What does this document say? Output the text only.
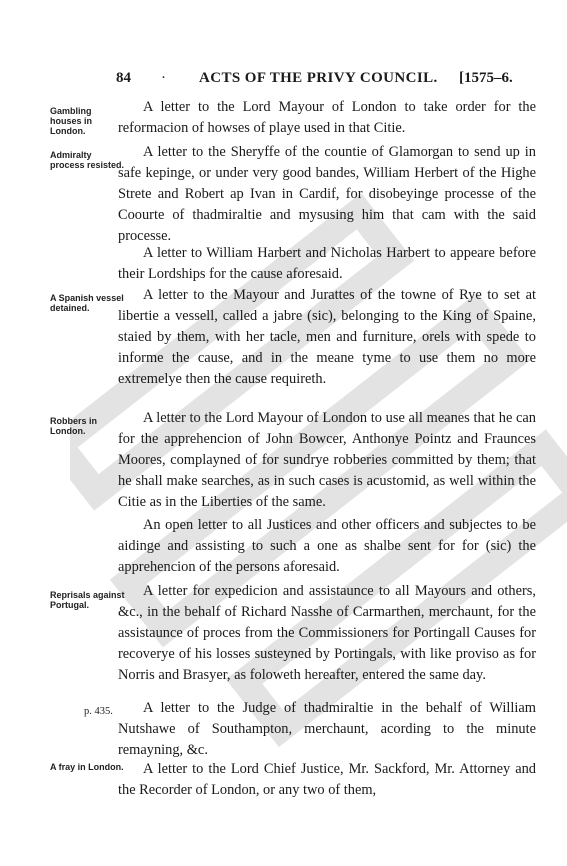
84 · ACTS OF THE PRIVY COUNCIL. [1575–6.
Gambling houses in London.
Admiralty process resisted.
A Spanish vessel detained.
Robbers in London.
Reprisals against Portugal.
A fray in London.
p. 435.

A letter to the Lord Mayour of London to take order for the reformacion of howses of playe used in that Citie.

A letter to the Sheryffe of the countie of Glamorgan to send up in safe kepinge, or under very good bandes, William Herbert of the Highe Strete and Robert ap Ivan in Cardif, for disobeyinge processe of the Coourte of thadmiraltie and mysusing him that cam with the said processe.

A letter to William Harbert and Nicholas Harbert to appeare before their Lordships for the cause aforesaid.

A letter to the Mayour and Jurattes of the towne of Rye to set at libertie a vessell, called a jabre (sic), belonging to the King of Spaine, staied by them, with her tacle, men and furniture, orels with spede to informe the cause, and in the meane tyme to use them no more extremelye then the cause requireth.

A letter to the Lord Mayour of London to use all meanes that he can for the apprehencion of John Bowcer, Anthonye Pointz and Fraunces Moores, complayned of for sundrye robberies committed by them; that he shall make searches, as in such cases is acustomid, as well within the Citie as in the Liberties of the same.

An open letter to all Justices and other officers and subjectes to be aidinge and assisting to such a one as shalbe sent for for (sic) the apprehencion of the persons aforesaid.

A letter for expedicion and assistaunce to all Mayours and others, &c., in the behalf of Richard Nasshe of Carmarthen, merchaunt, for the assistaunce of proces from the Commissioners for Portingall Causes for recoverye of his losses susteyned by Portingals, with like proviso as for Norris and Brasyer, as foloweth hereafter, entered the same day.

A letter to the Judge of thadmiraltie in the behalf of William Nutshawe of Southampton, merchaunt, acording to the minute remayning, &c.

A letter to the Lord Chief Justice, Mr. Sackford, Mr. Attorney and the Recorder of London, or any two of them,
